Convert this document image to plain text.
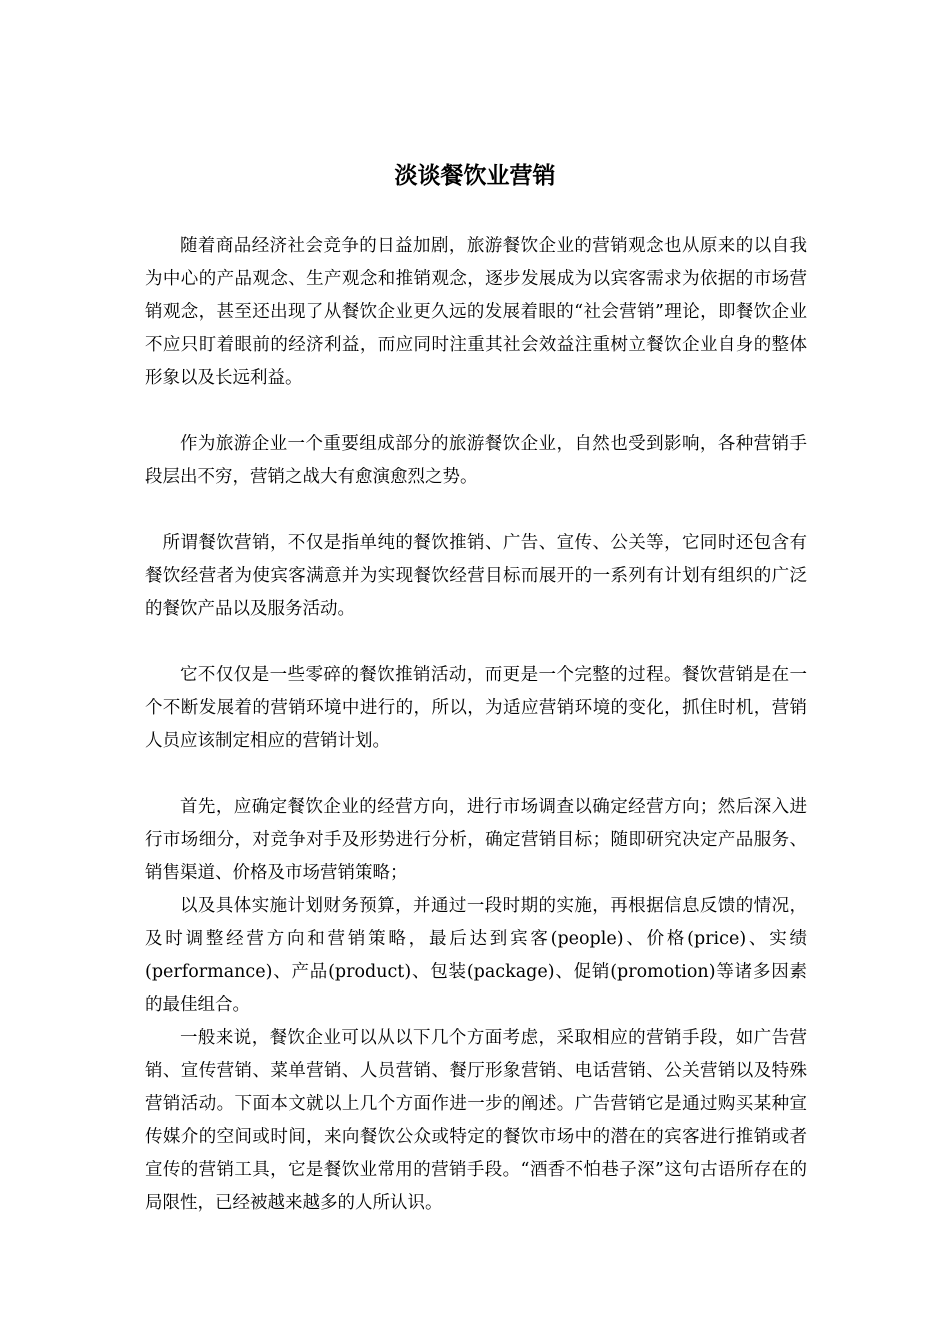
淡谈餐饮业营销

随着商品经济社会竞争的日益加剧，旅游餐饮企业的营销观念也从原来的以自我为中心的产品观念、生产观念和推销观念，逐步发展成为以宾客需求为依据的市场营销观念，甚至还出现了从餐饮企业更久远的发展着眼的“社会营销”理论，即餐饮企业不应只盯着眼前的经济利益，而应同时注重其社会效益注重树立餐饮企业自身的整体形象以及长远利益。

作为旅游企业一个重要组成部分的旅游餐饮企业，自然也受到影响，各种营销手段层出不穷，营销之战大有愈演愈烈之势。

所谓餐饮营销，不仅是指单纯的餐饮推销、广告、宣传、公关等，它同时还包含有餐饮经营者为使宾客满意并为实现餐饮经营目标而展开的一系列有计划有组织的广泛的餐饮产品以及服务活动。

它不仅仅是一些零碎的餐饮推销活动，而更是一个完整的过程。餐饮营销是在一个不断发展着的营销环境中进行的，所以，为适应营销环境的变化，抓住时机，营销人员应该制定相应的营销计划。

首先，应确定餐饮企业的经营方向，进行市场调查以确定经营方向；然后深入进行市场细分，对竞争对手及形势进行分析，确定营销目标；随即研究决定产品服务、销售渠道、价格及市场营销策略；

以及具体实施计划财务预算，并通过一段时期的实施，再根据信息反馈的情况，及时调整经营方向和营销策略，最后达到宾客(people)、价格(price)、实绩(performance)、产品(product)、包装(package)、促销(promotion)等诸多因素的最佳组合。

一般来说，餐饮企业可以从以下几个方面考虑，采取相应的营销手段，如广告营销、宣传营销、菜单营销、人员营销、餐厅形象营销、电话营销、公关营销以及特殊营销活动。下面本文就以上几个方面作进一步的阐述。广告营销它是通过购买某种宣传媒介的空间或时间，来向餐饮公众或特定的餐饮市场中的潜在的宾客进行推销或者宣传的营销工具，它是餐饮业常用的营销手段。“酒香不怕巷子深”这句古语所存在的局限性，已经被越来越多的人所认识。
